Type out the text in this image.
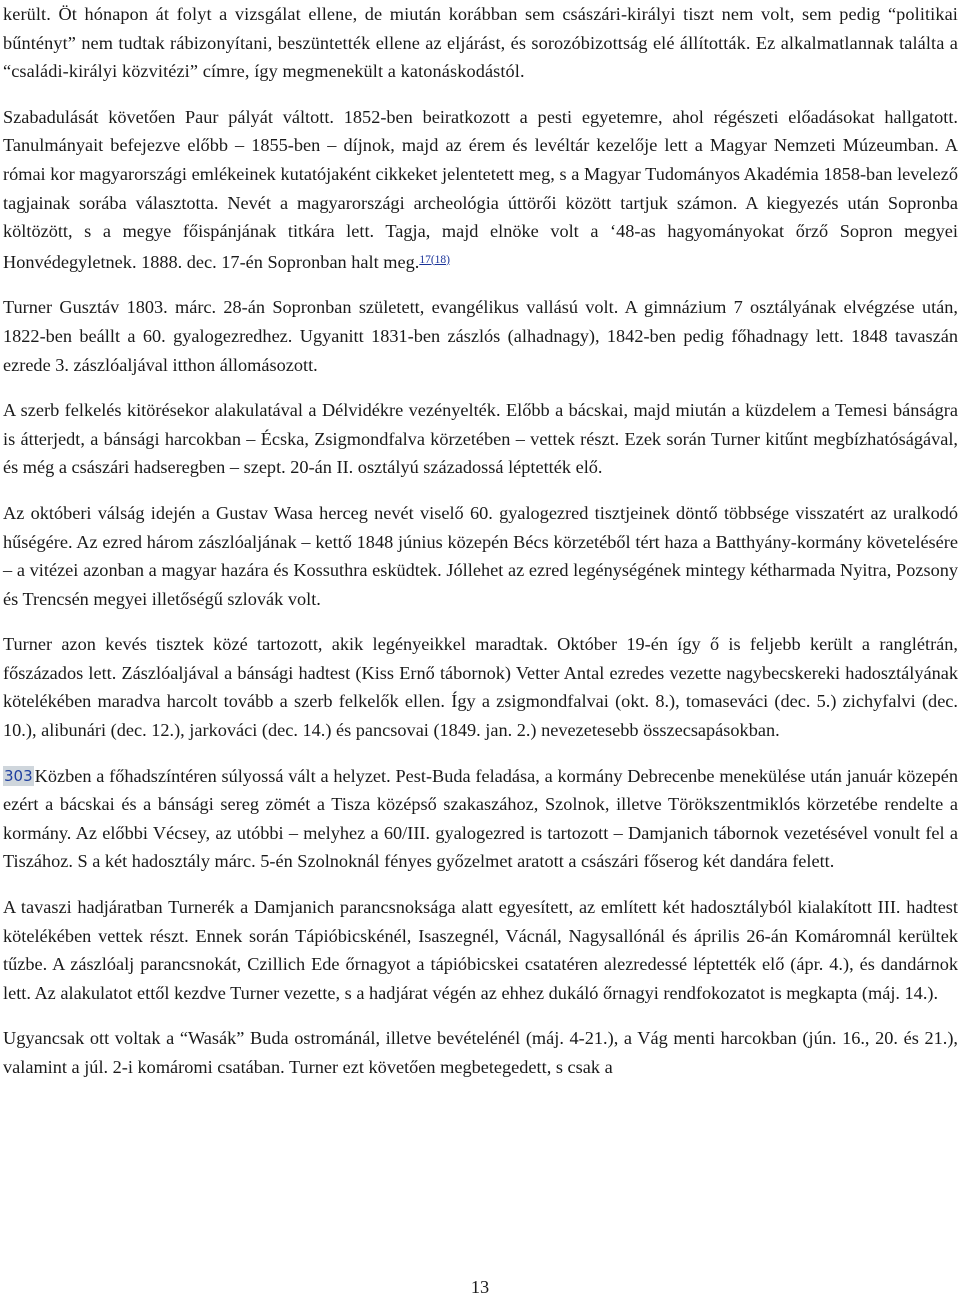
került. Öt hónapon át folyt a vizsgálat ellene, de miután korábban sem császári-királyi tiszt nem volt, sem pedig “politikai bűntényt” nem tudtak rábizonyítani, beszüntették ellene az eljárást, és sorozóbizottság elé állították. Ez alkalmatlannak találta a “családi-királyi közvitézi” címre, így megmenekült a katonáskodástól.

Szabadulását követően Paur pályát váltott. 1852-ben beiratkozott a pesti egyetemre, ahol régészeti előadásokat hallgatott. Tanulmányait befejezve előbb – 1855-ben – díjnok, majd az érem és levéltár kezelője lett a Magyar Nemzeti Múzeumban. A római kor magyarországi emlékeinek kutatójaként cikkeket jelentetett meg, s a Magyar Tudományos Akadémia 1858-ban levelező tagjainak sorába választotta. Nevét a magyarországi archeológia úttörői között tartjuk számon. A kiegyezés után Sopronba költözött, s a megye főispánjának titkára lett. Tagja, majd elnöke volt a ‘48-as hagyományokat őrző Sopron megyei Honvédegyletnek. 1888. dec. 17-én Sopronban halt meg.$^{17(18)}$

Turner Gusztáv 1803. márc. 28-án Sopronban született, evangélikus vallású volt. A gimnázium 7 osztályának elvégzése után, 1822-ben beállt a 60. gyalogezredhez. Ugyanitt 1831-ben zászlós (alhadnagy), 1842-ben pedig főhadnagy lett. 1848 tavaszán ezrede 3. zászlóaljával itthon állomásozott.

A szerb felkelés kitörésekor alakulatával a Délvidékre vezényelték. Előbb a bácskai, majd miután a küzdelem a Temesi bánságra is átterjedt, a bánsági harcokban – Écska, Zsigmondfalva körzetében – vettek részt. Ezek során Turner kitűnt megbízhatóságával, és még a császári hadseregben – szept. 20-án II. osztályú századossá léptették elő.

Az októberi válság idején a Gustav Wasa herceg nevét viselő 60. gyalogezred tisztjeinek döntő többsége visszatért az uralkodó hűségére. Az ezred három zászlóaljának – kettő 1848 június közepén Bécs körzetéből tért haza a Batthyány-kormány követelésére – a vitézei azonban a magyar hazára és Kossuthra esküdtek. Jóllehet az ezred legénységének mintegy kétharmada Nyitra, Pozsony és Trencsén megyei illetőségű szlovák volt.

Turner azon kevés tisztek közé tartozott, akik legényeikkel maradtak. Október 19-én így ő is feljebb került a ranglétrán, főszázados lett. Zászlóaljával a bánsági hadtest (Kiss Ernő tábornok) Vetter Antal ezredes vezette nagybecskereki hadosztályának kötelékében maradva harcolt tovább a szerb felkelők ellen. Így a zsigmondfalvai (okt. 8.), tomaseváci (dec. 5.) zichyfalvi (dec. 10.), alibunári (dec. 12.), jarkováci (dec. 14.) és pancsovai (1849. jan. 2.) nevezetesebb összecsapásokban.

303 Közben a főhadszíntéren súlyossá vált a helyzet. Pest-Buda feladása, a kormány Debrecenbe menekülése után január közepén ezért a bácskai és a bánsági sereg zömét a Tisza középső szakaszához, Szolnok, illetve Törökszentmiklós körzetébe rendelte a kormány. Az előbbi Vécsey, az utóbbi – melyhez a 60/III. gyalogezred is tartozott – Damjanich tábornok vezetésével vonult fel a Tiszához. S a két hadosztály márc. 5-én Szolnoknál fényes győzelmet aratott a császári főserog két dandára felett.

A tavaszi hadjáratban Turnerék a Damjanich parancsnoksága alatt egyesített, az említett két hadosztályból kialakított III. hadtest kötelékében vettek részt. Ennek során Tápióbicskénél, Isaszegnél, Vácnál, Nagysallónál és április 26-án Komáromnál kerültek tűzbe. A zászlóalj parancsnokát, Czillich Ede őrnagyot a tápióbicskei csatatéren alezredessé léptették elő (ápr. 4.), és dandárnok lett. Az alakulatot ettől kezdve Turner vezette, s a hadjárat végén az ehhez dukáló őrnagyi rendfokozatot is megkapta (máj. 14.).

Ugyancsak ott voltak a “Wasák” Buda ostrománál, illetve bevételénél (máj. 4-21.), a Vág menti harcokban (jún. 16., 20. és 21.), valamint a júl. 2-i komáromi csatában. Turner ezt követően megbetegedett, s csak a

13
